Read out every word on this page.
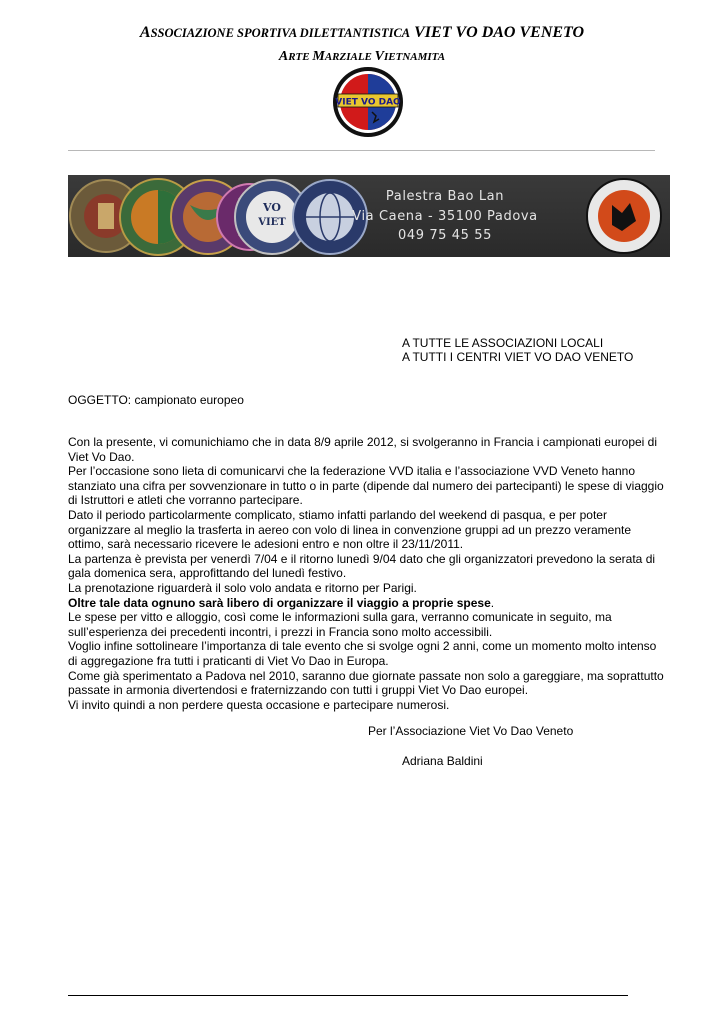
ASSOCIAZIONE SPORTIVA DILETTANTISTICA VIET VO DAO VENETO
ARTE MARZIALE VIETNAMITA
VIET VO DAO
VO
VIET
Palestra Bao Lan
Via Caena - 35100 Padova
049 75 45 55
A TUTTE LE ASSOCIAZIONI LOCALI
A TUTTI I CENTRI VIET VO DAO VENETO
OGGETTO: campionato europeo

Con la presente, vi comunichiamo che in data 8/9 aprile 2012, si svolgeranno in Francia i campionati europei di Viet Vo Dao.

Per l’occasione sono lieta di comunicarvi che la federazione VVD italia e l’associazione VVD Veneto hanno stanziato una cifra per sovvenzionare in tutto o in parte (dipende dal numero dei partecipanti) le spese di viaggio di Istruttori e atleti che vorranno partecipare.

Dato il periodo particolarmente complicato, stiamo infatti parlando del weekend di pasqua, e per poter organizzare al meglio la trasferta in aereo con volo di linea in convenzione gruppi ad un prezzo veramente ottimo, sarà necessario ricevere le adesioni entro e non oltre il 23/11/2011.

La partenza è prevista per venerdì 7/04 e il ritorno lunedì 9/04 dato che gli organizzatori prevedono la serata di gala domenica sera, approfittando del lunedì festivo.

La prenotazione riguarderà il solo volo andata e ritorno per Parigi.

Oltre tale data ognuno sarà libero di organizzare il viaggio a proprie spese.

Le spese per vitto e alloggio, così come le informazioni sulla gara, verranno comunicate in seguito, ma sull’esperienza dei precedenti incontri, i prezzi in Francia sono molto accessibili.

Voglio infine sottolineare l’importanza di tale evento che si svolge ogni 2 anni, come un momento molto intenso di aggregazione fra tutti i praticanti di Viet Vo Dao in Europa.

Come già sperimentato a Padova nel 2010, saranno due giornate passate non solo a gareggiare, ma soprattutto passate in armonia divertendosi e fraternizzando con tutti i gruppi Viet Vo Dao europei.

Vi invito quindi a non perdere questa occasione e partecipare numerosi.

Per l’Associazione Viet Vo Dao Veneto
Adriana Baldini
